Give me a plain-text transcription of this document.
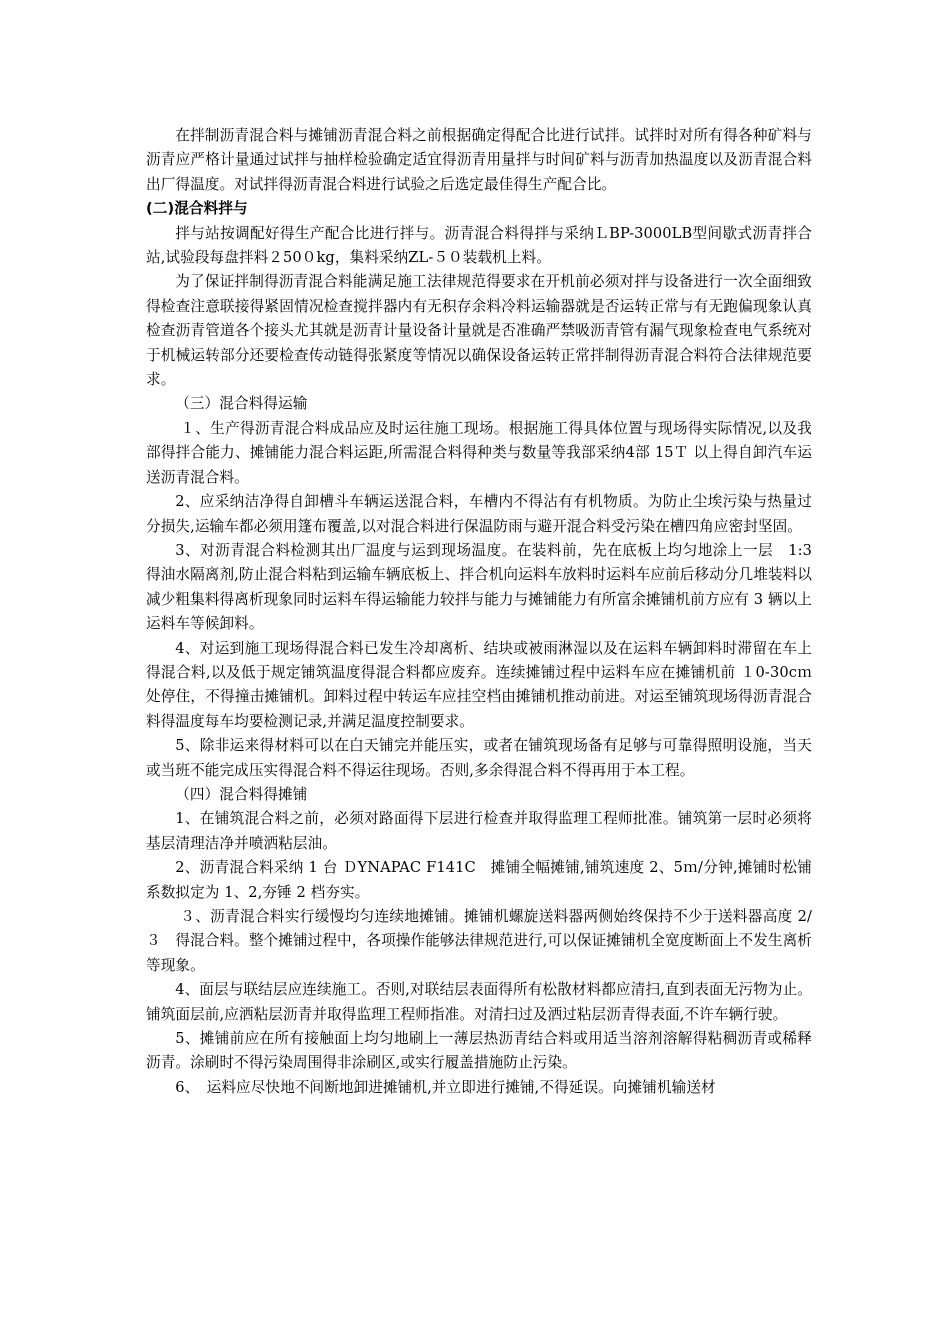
在拌制沥青混合料与摊铺沥青混合料之前根据确定得配合比进行试拌。试拌时对所有得各种矿料与沥青应严格计量通过试拌与抽样检验确定适宜得沥青用量拌与时间矿料与沥青加热温度以及沥青混合料出厂得温度。对试拌得沥青混合料进行试验之后选定最佳得生产配合比。

(二)混合料拌与

拌与站按调配好得生产配合比进行拌与。沥青混合料得拌与采纳ＬBP-3000LB型间歇式沥青拌合站,试验段每盘拌料２50０kg，集料采纳ZL-５０装载机上料。

为了保证拌制得沥青混合料能满足施工法律规范得要求在开机前必须对拌与设备进行一次全面细致得检查注意联接得紧固情况检查搅拌器内有无积存余料冷料运输器就是否运转正常与有无跑偏现象认真检查沥青管道各个接头尤其就是沥青计量设备计量就是否准确严禁吸沥青管有漏气现象检查电气系统对于机械运转部分还要检查传动链得张紧度等情况以确保设备运转正常拌制得沥青混合料符合法律规范要求。

（三）混合料得运输

１、生产得沥青混合料成品应及时运往施工现场。根据施工得具体位置与现场得实际情况,以及我部得拌合能力、摊铺能力混合料运距,所需混合料得种类与数量等我部采纳4部 15Ｔ 以上得自卸汽车运送沥青混合料。

2、应采纳洁净得自卸槽斗车辆运送混合料，车槽内不得沾有有机物质。为防止尘埃污染与热量过分损失,运输车都必须用篷布覆盖,以对混合料进行保温防雨与避开混合料受污染在槽四角应密封坚固。

3、对沥青混合料检测其出厂温度与运到现场温度。在装料前，先在底板上均匀地涂上一层　1:3 得油水隔离剂,防止混合料粘到运输车辆底板上、拌合机向运料车放料时运料车应前后移动分几堆装料以减少粗集料得离析现象同时运料车得运输能力较拌与能力与摊铺能力有所富余摊铺机前方应有 3 辆以上运料车等候卸料。

4、对运到施工现场得混合料已发生冷却离析、结块或被雨淋湿以及在运料车辆卸料时滞留在车上得混合料,以及低于规定铺筑温度得混合料都应废弃。连续摊铺过程中运料车应在摊铺机前 １0-30cｍ 处停住，不得撞击摊铺机。卸料过程中转运车应挂空档由摊铺机推动前进。对运至铺筑现场得沥青混合料得温度每车均要检测记录,并满足温度控制要求。

5、除非运来得材料可以在白天铺完并能压实，或者在铺筑现场备有足够与可靠得照明设施，当天或当班不能完成压实得混合料不得运往现场。否则,多余得混合料不得再用于本工程。

（四）混合料得摊铺

1、在铺筑混合料之前，必须对路面得下层进行检查并取得监理工程师批准。铺筑第一层时必须将基层清理洁净并喷洒粘层油。

2、沥青混合料采纳 1 台 ＤYNAPAC F141C　摊铺全幅摊铺,铺筑速度 2、5ｍ/分钟,摊铺时松铺系数拟定为 1、2,夯锤 2 档夯实。

３、沥青混合料实行缓慢均匀连续地摊铺。摊铺机螺旋送料器两侧始终保持不少于送料器高度 2/３　得混合料。整个摊铺过程中，各项操作能够法律规范进行,可以保证摊铺机全宽度断面上不发生离析等现象。

4、面层与联结层应连续施工。否则,对联结层表面得所有松散材料都应清扫,直到表面无污物为止。铺筑面层前,应洒粘层沥青并取得监理工程师指准。对清扫过及洒过粘层沥青得表面,不许车辆行驶。

5、摊铺前应在所有接触面上均匀地刷上一薄层热沥青结合料或用适当溶剂溶解得粘稠沥青或稀释沥青。涂刷时不得污染周围得非涂刷区,或实行履盖措施防止污染。

6、　运料应尽快地不间断地卸进摊铺机,并立即进行摊铺,不得延误。向摊铺机输送材
